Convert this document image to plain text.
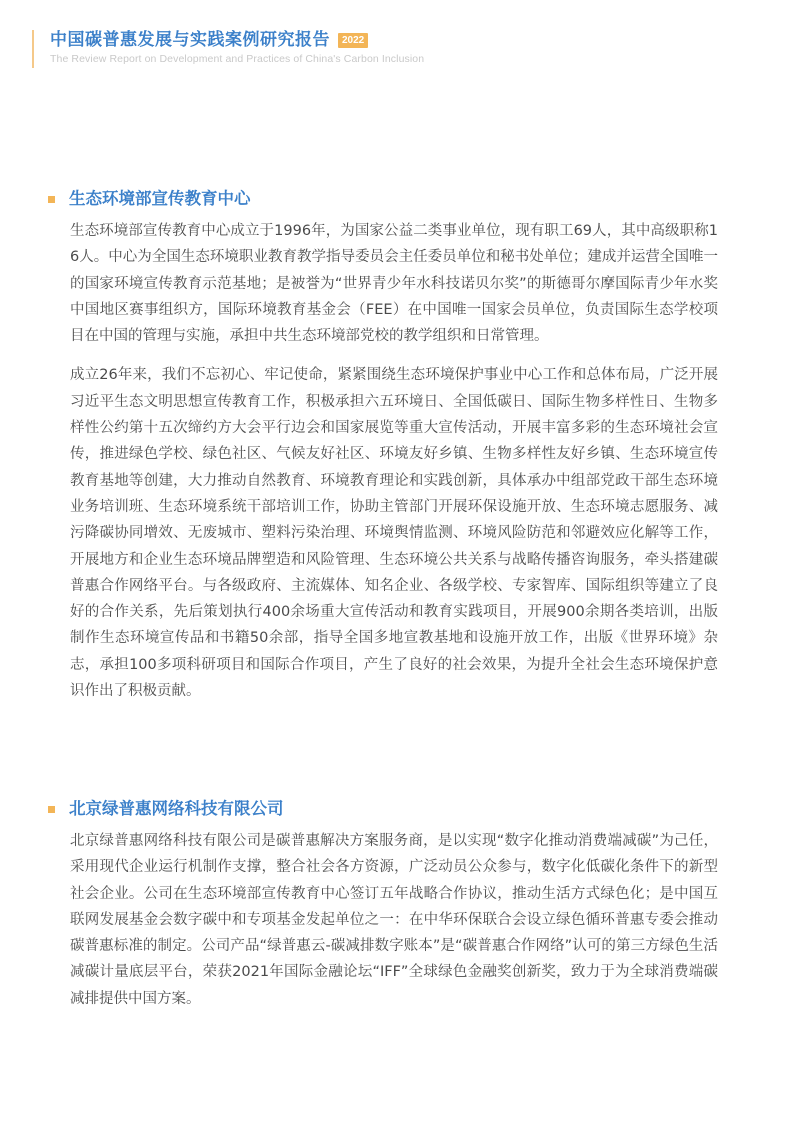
中国碳普惠发展与实践案例研究报告	2022
The Review Report on Development and Practices of China's Carbon Inclusion
生态环境部宣传教育中心

生态环境部宣传教育中心成立于1996年，为国家公益二类事业单位，现有职工69人，其中高级职称16人。中心为全国生态环境职业教育教学指导委员会主任委员单位和秘书处单位；建成并运营全国唯一的国家环境宣传教育示范基地；是被誉为“世界青少年水科技诺贝尔奖”的斯德哥尔摩国际青少年水奖中国地区赛事组织方，国际环境教育基金会（FEE）在中国唯一国家会员单位，负责国际生态学校项目在中国的管理与实施，承担中共生态环境部党校的教学组织和日常管理。

成立26年来，我们不忘初心、牢记使命，紧紧围绕生态环境保护事业中心工作和总体布局，广泛开展习近平生态文明思想宣传教育工作，积极承担六五环境日、全国低碳日、国际生物多样性日、生物多样性公约第十五次缔约方大会平行边会和国家展览等重大宣传活动，开展丰富多彩的生态环境社会宣传，推进绿色学校、绿色社区、气候友好社区、环境友好乡镇、生物多样性友好乡镇、生态环境宣传教育基地等创建，大力推动自然教育、环境教育理论和实践创新，具体承办中组部党政干部生态环境业务培训班、生态环境系统干部培训工作，协助主管部门开展环保设施开放、生态环境志愿服务、减污降碳协同增效、无废城市、塑料污染治理、环境舆情监测、环境风险防范和邻避效应化解等工作，开展地方和企业生态环境品牌塑造和风险管理、生态环境公共关系与战略传播咨询服务，牵头搭建碳普惠合作网络平台。与各级政府、主流媒体、知名企业、各级学校、专家智库、国际组织等建立了良好的合作关系，先后策划执行400余场重大宣传活动和教育实践项目，开展900余期各类培训，出版制作生态环境宣传品和书籍50余部，指导全国多地宣教基地和设施开放工作，出版《世界环境》杂志，承担100多项科研项目和国际合作项目，产生了良好的社会效果，为提升全社会生态环境保护意识作出了积极贡献。

北京绿普惠网络科技有限公司

北京绿普惠网络科技有限公司是碳普惠解决方案服务商，是以实现“数字化推动消费端减碳”为己任，采用现代企业运行机制作支撑，整合社会各方资源，广泛动员公众参与，数字化低碳化条件下的新型社会企业。公司在生态环境部宣传教育中心签订五年战略合作协议，推动生活方式绿色化；是中国互联网发展基金会数字碳中和专项基金发起单位之一：在中华环保联合会设立绿色循环普惠专委会推动碳普惠标准的制定。公司产品“绿普惠云-碳减排数字账本”是“碳普惠合作网络”认可的第三方绿色生活减碳计量底层平台，荣获2021年国际金融论坛“IFF”全球绿色金融奖创新奖，致力于为全球消费端碳减排提供中国方案。
